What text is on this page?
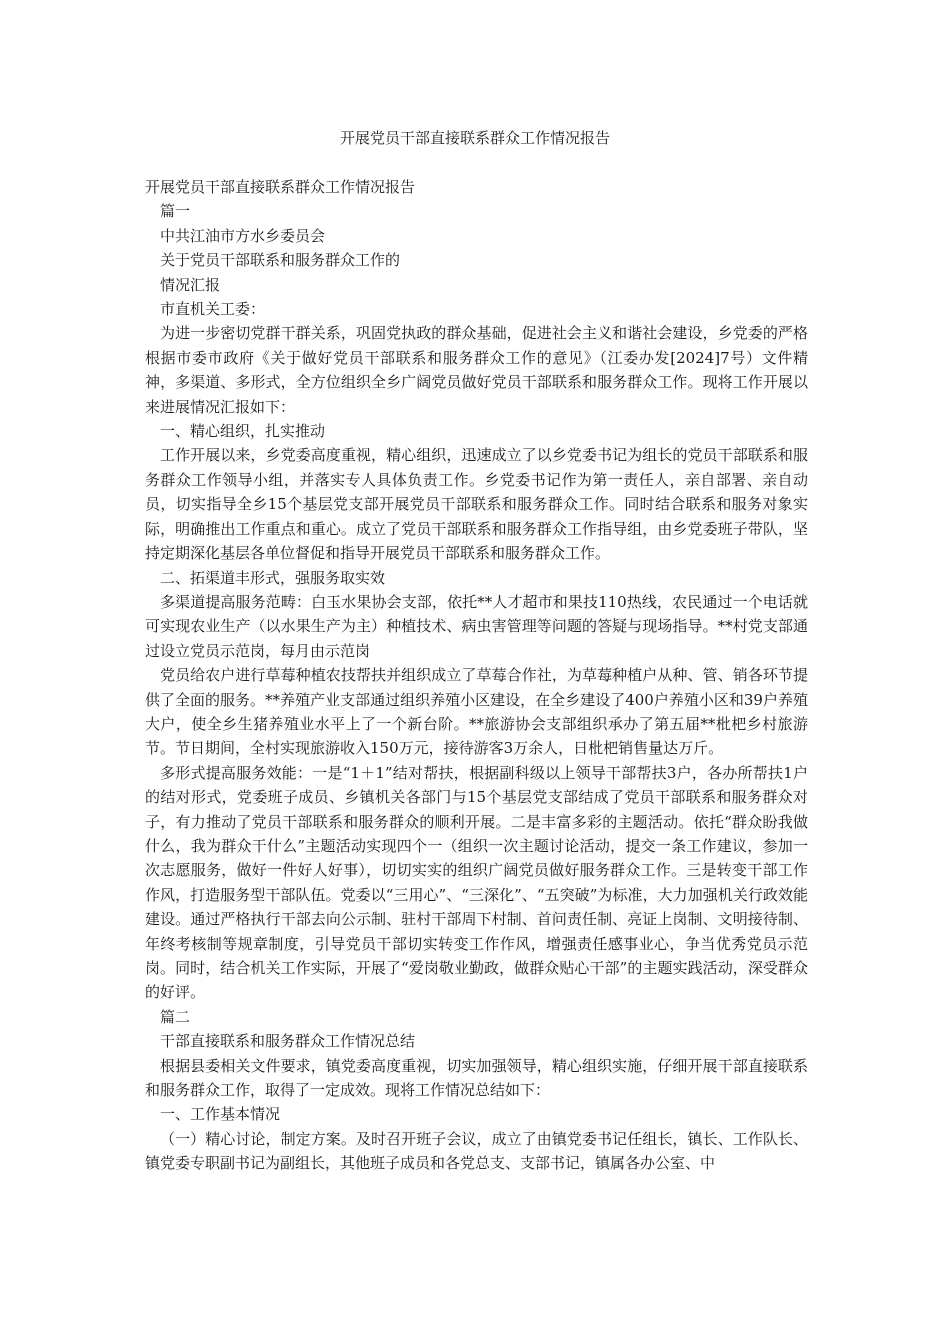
开展党员干部直接联系群众工作情况报告

开展党员干部直接联系群众工作情况报告

篇一

中共江油市方水乡委员会

关于党员干部联系和服务群众工作的

情况汇报

市直机关工委：

为进一步密切党群干群关系，巩固党执政的群众基础，促进社会主义和谐社会建设，乡党委的严格根据市委市政府《关于做好党员干部联系和服务群众工作的意见》（江委办发[2024]7号）文件精神，多渠道、多形式，全方位组织全乡广阔党员做好党员干部联系和服务群众工作。现将工作开展以来进展情况汇报如下：

一、精心组织，扎实推动

工作开展以来，乡党委高度重视，精心组织，迅速成立了以乡党委书记为组长的党员干部联系和服务群众工作领导小组，并落实专人具体负责工作。乡党委书记作为第一责任人，亲自部署、亲自动员，切实指导全乡15个基层党支部开展党员干部联系和服务群众工作。同时结合联系和服务对象实际，明确推出工作重点和重心。成立了党员干部联系和服务群众工作指导组，由乡党委班子带队，坚持定期深化基层各单位督促和指导开展党员干部联系和服务群众工作。

二、拓渠道丰形式，强服务取实效

多渠道提高服务范畴：白玉水果协会支部，依托**人才超市和果技110热线，农民通过一个电话就可实现农业生产（以水果生产为主）种植技术、病虫害管理等问题的答疑与现场指导。**村党支部通过设立党员示范岗，每月由示范岗

党员给农户进行草莓种植农技帮扶并组织成立了草莓合作社，为草莓种植户从种、管、销各环节提供了全面的服务。**养殖产业支部通过组织养殖小区建设，在全乡建设了400户养殖小区和39户养殖大户，使全乡生猪养殖业水平上了一个新台阶。**旅游协会支部组织承办了第五届**枇杷乡村旅游节。节日期间，全村实现旅游收入150万元，接待游客3万余人，日枇杷销售量达万斤。

多形式提高服务效能：一是“1＋1”结对帮扶，根据副科级以上领导干部帮扶3户，各办所帮扶1户的结对形式，党委班子成员、乡镇机关各部门与15个基层党支部结成了党员干部联系和服务群众对子，有力推动了党员干部联系和服务群众的顺利开展。二是丰富多彩的主题活动。依托“群众盼我做什么，我为群众干什么”主题活动实现四个一（组织一次主题讨论活动，提交一条工作建议，参加一次志愿服务，做好一件好人好事），切切实实的组织广阔党员做好服务群众工作。三是转变干部工作作风，打造服务型干部队伍。党委以“三用心”、“三深化”、“五突破”为标准，大力加强机关行政效能建设。通过严格执行干部去向公示制、驻村干部周下村制、首问责任制、亮证上岗制、文明接待制、年终考核制等规章制度，引导党员干部切实转变工作作风，增强责任感事业心，争当优秀党员示范岗。同时，结合机关工作实际，开展了“爱岗敬业勤政，做群众贴心干部”的主题实践活动，深受群众的好评。

篇二

干部直接联系和服务群众工作情况总结

根据县委相关文件要求，镇党委高度重视，切实加强领导，精心组织实施，仔细开展干部直接联系和服务群众工作，取得了一定成效。现将工作情况总结如下：

一、工作基本情况

（一）精心讨论，制定方案。及时召开班子会议，成立了由镇党委书记任组长，镇长、工作队长、镇党委专职副书记为副组长，其他班子成员和各党总支、支部书记，镇属各办公室、中
